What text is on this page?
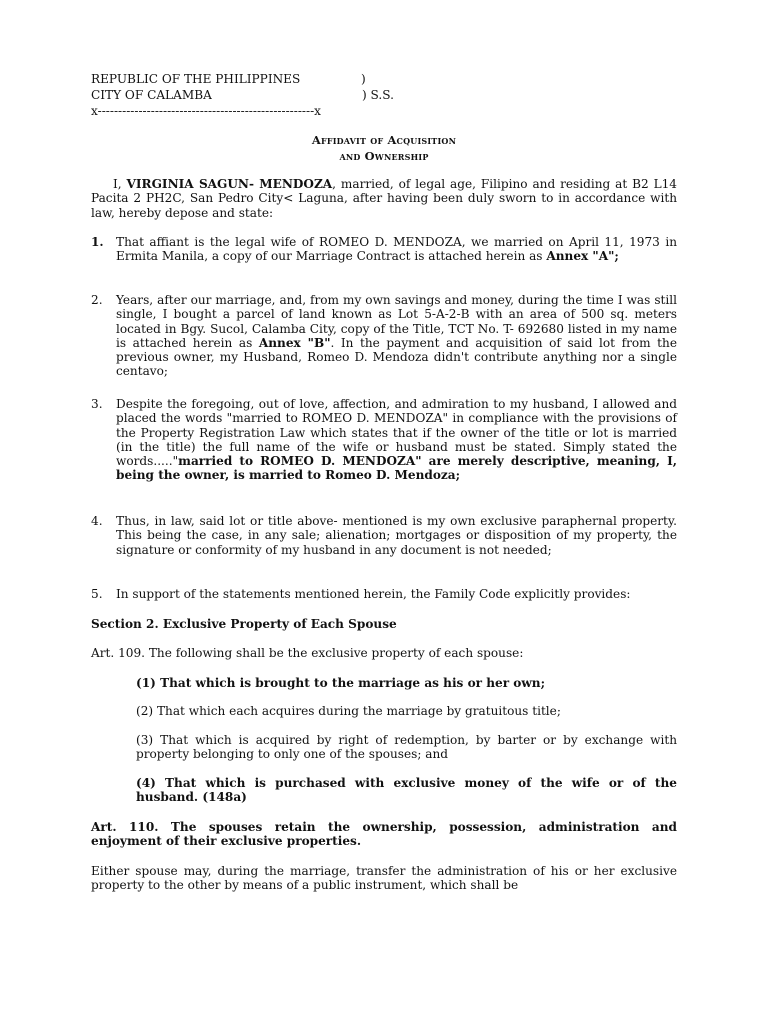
REPUBLIC OF THE PHILIPPINES	)
CITY OF CALAMBA	) S.S.
x-----------------------------------------------------x
Affidavit of Acquisition
and Ownership
I, VIRGINIA SAGUN- MENDOZA, married, of legal age, Filipino and residing at B2 L14 Pacita 2 PH2C, San Pedro City< Laguna, after having been duly sworn to in accordance with law, hereby depose and state:
1. That affiant is the legal wife of ROMEO D. MENDOZA, we married on April 11, 1973 in Ermita Manila, a copy of our Marriage Contract is attached herein as Annex "A";
2. Years, after our marriage, and, from my own savings and money, during the time I was still single, I bought a parcel of land known as Lot 5-A-2-B with an area of 500 sq. meters located in Bgy. Sucol, Calamba City, copy of the Title, TCT No. T- 692680 listed in my name is attached herein as Annex "B". In the payment and acquisition of said lot from the previous owner, my Husband, Romeo D. Mendoza didn't contribute anything nor a single centavo;
3. Despite the foregoing, out of love, affection, and admiration to my husband, I allowed and placed the words "married to ROMEO D. MENDOZA" in compliance with the provisions of the Property Registration Law which states that if the owner of the title or lot is married (in the title) the full name of the wife or husband must be stated. Simply stated the words....."married to ROMEO D. MENDOZA" are merely descriptive, meaning, I, being the owner, is married to Romeo D. Mendoza;
4. Thus, in law, said lot or title above- mentioned is my own exclusive paraphernal property. This being the case, in any sale; alienation; mortgages or disposition of my property, the signature or conformity of my husband in any document is not needed;
5. In support of the statements mentioned herein, the Family Code explicitly provides:
Section 2. Exclusive Property of Each Spouse
Art. 109. The following shall be the exclusive property of each spouse:
(1) That which is brought to the marriage as his or her own;
(2) That which each acquires during the marriage by gratuitous title;
(3) That which is acquired by right of redemption, by barter or by exchange with property belonging to only one of the spouses; and
(4) That which is purchased with exclusive money of the wife or of the husband. (148a)
Art. 110. The spouses retain the ownership, possession, administration and enjoyment of their exclusive properties.
Either spouse may, during the marriage, transfer the administration of his or her exclusive property to the other by means of a public instrument, which shall be
